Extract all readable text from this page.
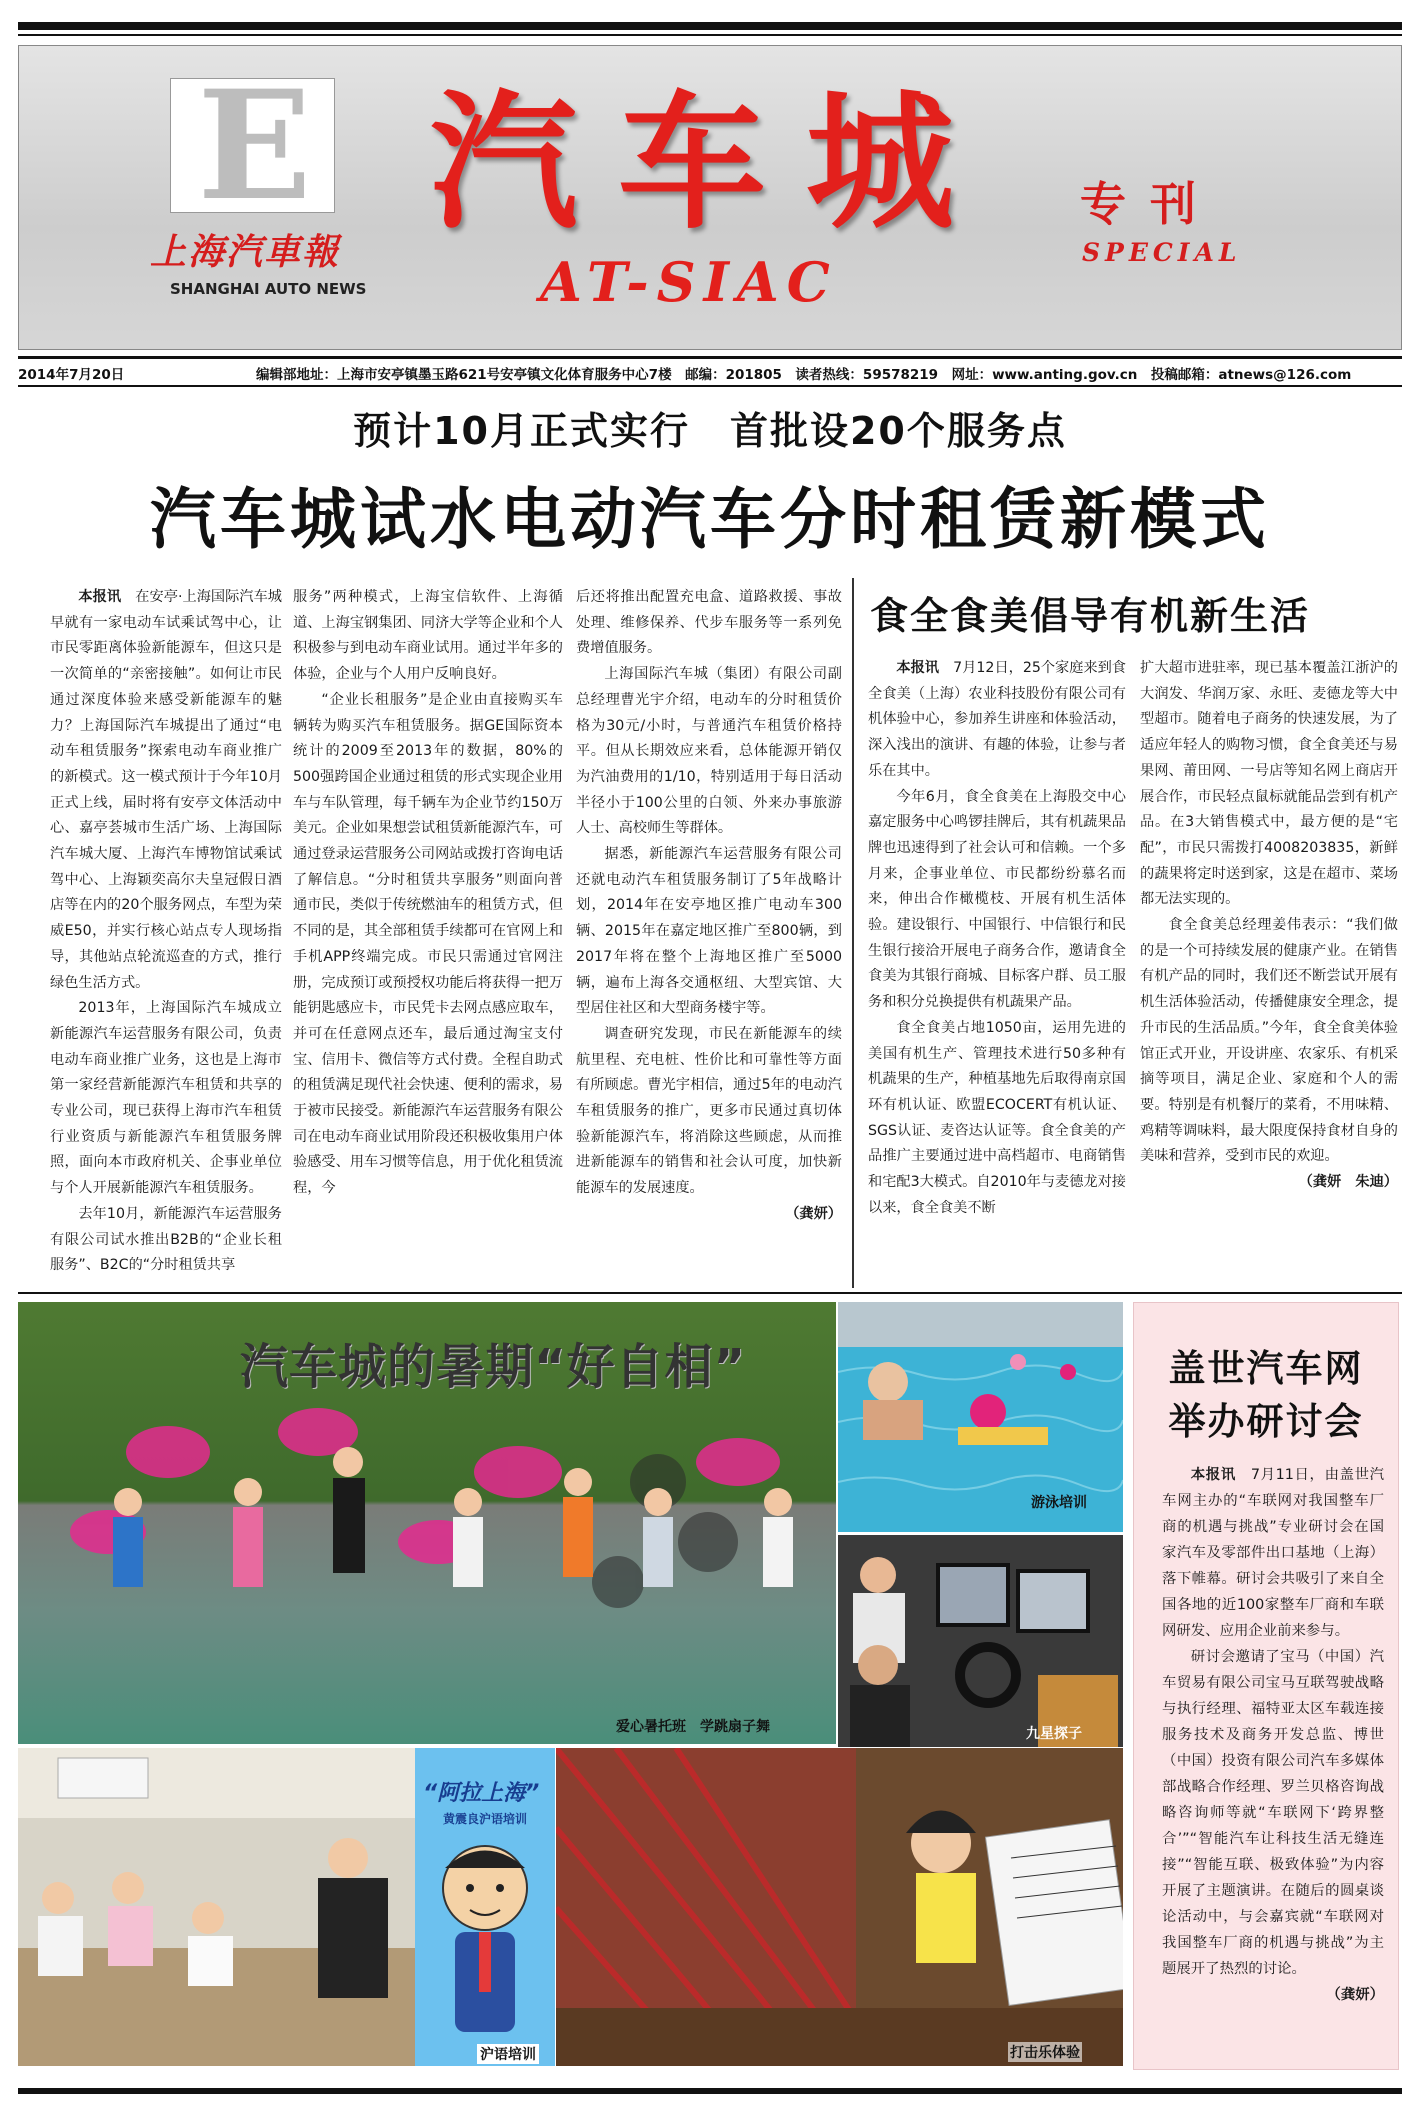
E
上海汽車報
SHANGHAI AUTO NEWS
汽车城
AT-SIAC
专刊
SPECIAL
2014年7月20日	编辑部地址：上海市安亭镇墨玉路621号安亭镇文化体育服务中心7楼　邮编：201805　读者热线：59578219　网址：www.anting.gov.cn　投稿邮箱：atnews@126.com
预计10月正式实行　首批设20个服务点
汽车城试水电动汽车分时租赁新模式

本报讯　 在安亭·上海国际汽车城早就有一家电动车试乘试驾中心，让市民零距离体验新能源车，但这只是一次简单的“亲密接触”。如何让市民通过深度体验来感受新能源车的魅力？上海国际汽车城提出了通过“电动车租赁服务”探索电动车商业推广的新模式。这一模式预计于今年10月正式上线，届时将有安亭文体活动中心、嘉亭荟城市生活广场、上海国际汽车城大厦、上海汽车博物馆试乘试驾中心、上海颖奕高尔夫皇冠假日酒店等在内的20个服务网点，车型为荣威E50，并实行核心站点专人现场指导，其他站点轮流巡查的方式，推行绿色生活方式。

2013年，上海国际汽车城成立新能源汽车运营服务有限公司，负责电动车商业推广业务，这也是上海市第一家经营新能源汽车租赁和共享的专业公司，现已获得上海市汽车租赁行业资质与新能源汽车租赁服务牌照，面向本市政府机关、企事业单位与个人开展新能源汽车租赁服务。

去年10月，新能源汽车运营服务有限公司试水推出B2B的“企业长租服务”、B2C的“分时租赁共享

服务”两种模式，上海宝信软件、上海循道、上海宝钢集团、同济大学等企业和个人积极参与到电动车商业试用。通过半年多的体验，企业与个人用户反响良好。

“企业长租服务”是企业由直接购买车辆转为购买汽车租赁服务。据GE国际资本统计的2009至2013年的数据，80%的500强跨国企业通过租赁的形式实现企业用车与车队管理，每千辆车为企业节约150万美元。企业如果想尝试租赁新能源汽车，可通过登录运营服务公司网站或拨打咨询电话了解信息。“分时租赁共享服务”则面向普通市民，类似于传统燃油车的租赁方式，但不同的是，其全部租赁手续都可在官网上和手机APP终端完成。市民只需通过官网注册，完成预订或预授权功能后将获得一把万能钥匙感应卡，市民凭卡去网点感应取车，并可在任意网点还车，最后通过淘宝支付宝、信用卡、微信等方式付费。全程自助式的租赁满足现代社会快速、便利的需求，易于被市民接受。新能源汽车运营服务有限公司在电动车商业试用阶段还积极收集用户体验感受、用车习惯等信息，用于优化租赁流程，今

后还将推出配置充电盒、道路救援、事故处理、维修保养、代步车服务等一系列免费增值服务。

上海国际汽车城（集团）有限公司副总经理曹光宇介绍，电动车的分时租赁价格为30元/小时，与普通汽车租赁价格持平。但从长期效应来看，总体能源开销仅为汽油费用的1/10，特别适用于每日活动半径小于100公里的白领、外来办事旅游人士、高校师生等群体。

据悉，新能源汽车运营服务有限公司还就电动汽车租赁服务制订了5年战略计划，2014年在安亭地区推广电动车300辆、2015年在嘉定地区推广至800辆，到2017年将在整个上海地区推广至5000辆，遍布上海各交通枢纽、大型宾馆、大型居住社区和大型商务楼宇等。

调查研究发现，市民在新能源车的续航里程、充电桩、性价比和可靠性等方面有所顾虑。曹光宇相信，通过5年的电动汽车租赁服务的推广，更多市民通过真切体验新能源汽车，将消除这些顾虑，从而推进新能源车的销售和社会认可度，加快新能源车的发展速度。

（龚妍）
食全食美倡导有机新生活

本报讯　 7月12日，25个家庭来到食全食美（上海）农业科技股份有限公司有机体验中心，参加养生讲座和体验活动，深入浅出的演讲、有趣的体验，让参与者乐在其中。

今年6月，食全食美在上海股交中心嘉定服务中心鸣锣挂牌后，其有机蔬果品牌也迅速得到了社会认可和信赖。一个多月来，企事业单位、市民都纷纷慕名而来，伸出合作橄榄枝、开展有机生活体验。建设银行、中国银行、中信银行和民生银行接洽开展电子商务合作，邀请食全食美为其银行商城、目标客户群、员工服务和积分兑换提供有机蔬果产品。

食全食美占地1050亩，运用先进的美国有机生产、管理技术进行50多种有机蔬果的生产，种植基地先后取得南京国环有机认证、欧盟ECOCERT有机认证、SGS认证、麦咨达认证等。食全食美的产品推广主要通过进中高档超市、电商销售和宅配3大模式。自2010年与麦德龙对接以来，食全食美不断

扩大超市进驻率，现已基本覆盖江浙沪的大润发、华润万家、永旺、麦德龙等大中型超市。随着电子商务的快速发展，为了适应年轻人的购物习惯，食全食美还与易果网、莆田网、一号店等知名网上商店开展合作，市民轻点鼠标就能品尝到有机产品。在3大销售模式中，最方便的是“宅配”，市民只需拨打4008203835，新鲜的蔬果将定时送到家，这是在超市、菜场都无法实现的。

食全食美总经理姜伟表示：“我们做的是一个可持续发展的健康产业。在销售有机产品的同时，我们还不断尝试开展有机生活体验活动，传播健康安全理念，提升市民的生活品质。”今年，食全食美体验馆正式开业，开设讲座、农家乐、有机采摘等项目，满足企业、家庭和个人的需要。特别是有机餐厅的菜肴，不用味精、鸡精等调味料，最大限度保持食材自身的美味和营养，受到市民的欢迎。

（龚妍　朱迪）
爱心暑托班　学跳扇子舞
汽车城的暑期“好自相”
游泳培训
九星探子
“阿拉上海”
黄震良沪语培训
沪语培训	打击乐体验
盖世汽车网
举办研讨会

本报讯　 7月11日，由盖世汽车网主办的“车联网对我国整车厂商的机遇与挑战”专业研讨会在国家汽车及零部件出口基地（上海）落下帷幕。研讨会共吸引了来自全国各地的近100家整车厂商和车联网研发、应用企业前来参与。

研讨会邀请了宝马（中国）汽车贸易有限公司宝马互联驾驶战略与执行经理、福特亚太区车载连接服务技术及商务开发总监、博世（中国）投资有限公司汽车多媒体部战略合作经理、罗兰贝格咨询战略咨询师等就“车联网下‘跨界整合’”“智能汽车让科技生活无缝连接”“智能互联、极致体验”为内容开展了主题演讲。在随后的圆桌谈论活动中，与会嘉宾就“车联网对我国整车厂商的机遇与挑战”为主题展开了热烈的讨论。

（龚妍）
